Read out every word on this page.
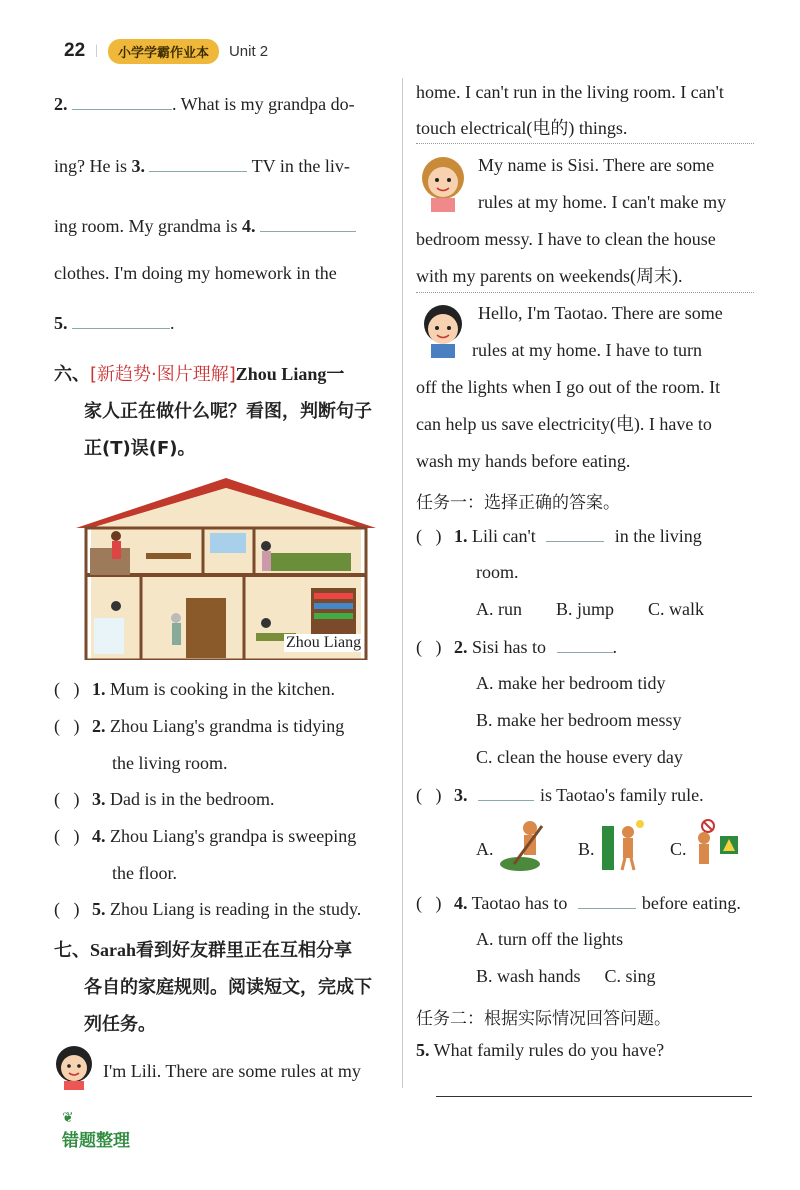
22 |	小学学霸作业本	Unit 2
2.	. What is my grandpa do-
ing? He is 3.	TV in the liv-
ing room. My grandma is 4.
clothes. I'm doing my homework in the
5.	.
六、[新趋势·图片理解]Zhou Liang一
家人正在做什么呢？看图，判断句子
正(T)误(F)。
Zhou Liang
(   ) 1. Mum is cooking in the kitchen.
(   ) 2. Zhou Liang's grandma is tidying
the living room.
(   ) 3. Dad is in the bedroom.
(   ) 4. Zhou Liang's grandpa is sweeping
the floor.
(   ) 5. Zhou Liang is reading in the study.
七、Sarah看到好友群里正在互相分享
各自的家庭规则。阅读短文，完成下
列任务。
I'm Lili. There are some rules at my
❦
错题整理
home. I can't run in the living room. I can't
touch electrical(电的) things.
My name is Sisi. There are some
rules at my home. I can't make my
bedroom messy. I have to clean the house
with my parents on weekends(周末).
Hello, I'm Taotao. There are some
rules at my home. I have to turn
off the lights when I go out of the room. It
can help us save electricity(电). I have to
wash my hands before eating.
任务一：选择正确的答案。
(   ) 1. Lili can't	in the living
room.
A. run B. jump C. walk
(   ) 2. Sisi has to	.
A. make her bedroom tidy
B. make her bedroom messy
C. clean the house every day
(   ) 3.	is Taotao's family rule.
A.	B.	C.
(   ) 4. Taotao has to	before eating.
A. turn off the lights
B. wash hands C. sing
任务二：根据实际情况回答问题。
5. What family rules do you have?
